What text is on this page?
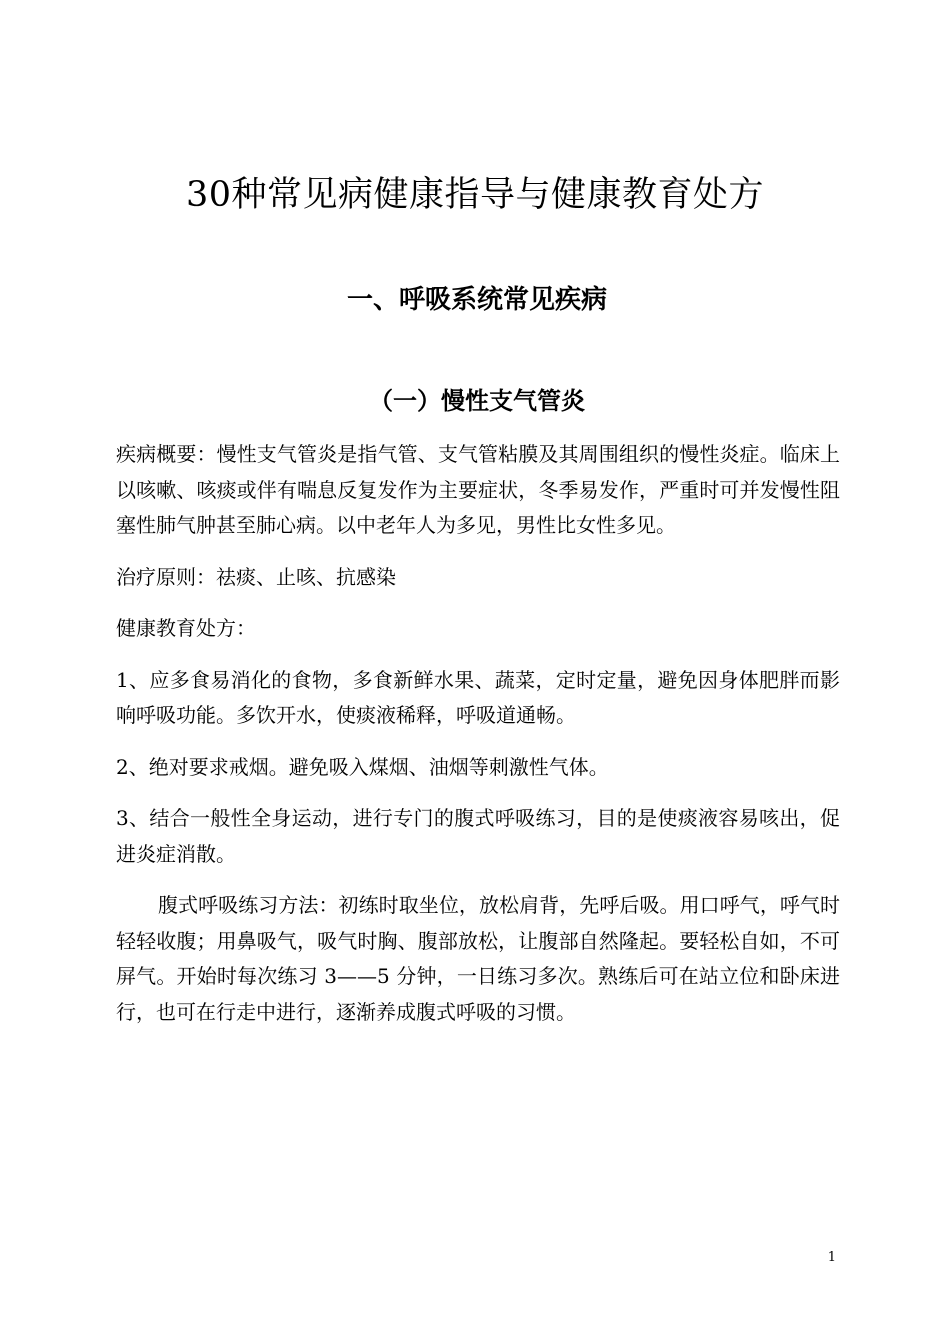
30种常见病健康指导与健康教育处方
一、呼吸系统常见疾病
（一）慢性支气管炎

疾病概要：慢性支气管炎是指气管、支气管粘膜及其周围组织的慢性炎症。临床上以咳嗽、咳痰或伴有喘息反复发作为主要症状，冬季易发作，严重时可并发慢性阻塞性肺气肿甚至肺心病。以中老年人为多见，男性比女性多见。

治疗原则：祛痰、止咳、抗感染

健康教育处方：

1、应多食易消化的食物，多食新鲜水果、蔬菜，定时定量，避免因身体肥胖而影响呼吸功能。多饮开水，使痰液稀释，呼吸道通畅。

2、绝对要求戒烟。避免吸入煤烟、油烟等刺激性气体。

3、结合一般性全身运动，进行专门的腹式呼吸练习，目的是使痰液容易咳出，促进炎症消散。

腹式呼吸练习方法：初练时取坐位，放松肩背，先呼后吸。用口呼气，呼气时轻轻收腹；用鼻吸气，吸气时胸、腹部放松，让腹部自然隆起。要轻松自如，不可屏气。开始时每次练习 3——5 分钟，一日练习多次。熟练后可在站立位和卧床进行，也可在行走中进行，逐渐养成腹式呼吸的习惯。

1
